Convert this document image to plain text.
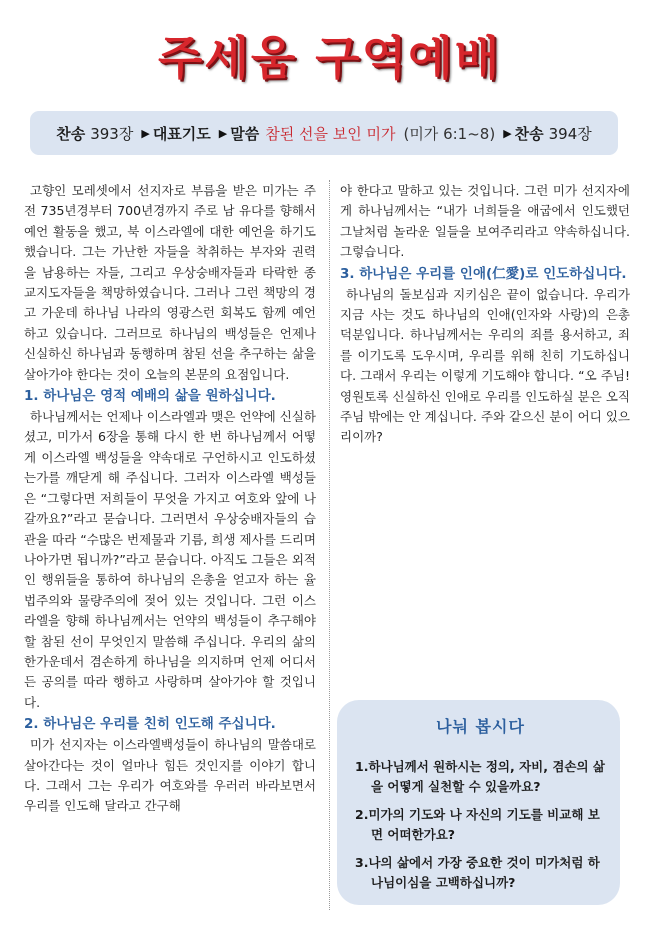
주세움 구역예배
찬송 393장 ▶ 대표기도 ▶ 말씀 참된 선을 보인 미가 (미가 6:1~8) ▶ 찬송 394장

고향인 모레셋에서 선지자로 부름을 받은 미가는 주전 735년경부터 700년경까지 주로 남 유다를 향해서 예언 활동을 했고, 북 이스라엘에 대한 예언을 하기도 했습니다. 그는 가난한 자들을 착취하는 부자와 권력을 남용하는 자들, 그리고 우상숭배자들과 타락한 종교지도자들을 책망하였습니다. 그러나 그런 책망의 경고 가운데 하나님 나라의 영광스런 회복도 함께 예언하고 있습니다. 그러므로 하나님의 백성들은 언제나 신실하신 하나님과 동행하며 참된 선을 추구하는 삶을 살아가야 한다는 것이 오늘의 본문의 요점입니다.

1. 하나님은 영적 예배의 삶을 원하십니다.

하나님께서는 언제나 이스라엘과 맺은 언약에 신실하셨고, 미가서 6장을 통해 다시 한 번 하나님께서 어떻게 이스라엘 백성들을 약속대로 구언하시고 인도하셨는가를 깨닫게 해 주십니다. 그러자 이스라엘 백성들은 “그렇다면 저희들이 무엇을 가지고 여호와 앞에 나갈까요?”라고 묻습니다. 그러면서 우상숭배자들의 습관을 따라 “수많은 번제물과 기름, 희생 제사를 드리며 나아가면 됩니까?”라고 묻습니다. 아직도 그들은 외적인 행위들을 통하여 하나님의 은총을 얻고자 하는 율법주의와 물량주의에 젖어 있는 것입니다. 그런 이스라엘을 향해 하나님께서는 언약의 백성들이 추구해야 할 참된 선이 무엇인지 말씀해 주십니다. 우리의 삶의 한가운데서 겸손하게 하나님을 의지하며 언제 어디서든 공의를 따라 행하고 사랑하며 살아가야 할 것입니다.

2. 하나님은 우리를 친히 인도해 주십니다.

미가 선지자는 이스라엘백성들이 하나님의 말씀대로 살아간다는 것이 얼마나 힘든 것인지를 이야기 합니다. 그래서 그는 우리가 여호와를 우러러 바라보면서 우리를 인도해 달라고 간구해

야 한다고 말하고 있는 것입니다. 그런 미가 선지자에게 하나님께서는 “내가 너희들을 애굽에서 인도했던 그날처럼 놀라운 일들을 보여주리라고 약속하십니다. 그렇습니다.

3. 하나님은 우리를 인애(仁愛)로 인도하십니다.

하나님의 돌보심과 지키심은 끝이 없습니다. 우리가 지금 사는 것도 하나님의 인애(인자와 사랑)의 은총 덕분입니다. 하나님께서는 우리의 죄를 용서하고, 죄를 이기도록 도우시며, 우리를 위해 친히 기도하십니다. 그래서 우리는 이렇게 기도해야 합니다. “오 주님! 영원토록 신실하신 인애로 우리를 인도하실 분은 오직 주님 밖에는 안 계십니다. 주와 같으신 분이 어디 있으리이까?

나눠 봅시다
1.하나님께서 원하시는 정의, 자비, 겸손의 삶을 어떻게 실천할 수 있을까요?
2.미가의 기도와 나 자신의 기도를 비교해 보면 어떠한가요?
3.나의 삶에서 가장 중요한 것이 미가처럼 하나님이심을 고백하십니까?
